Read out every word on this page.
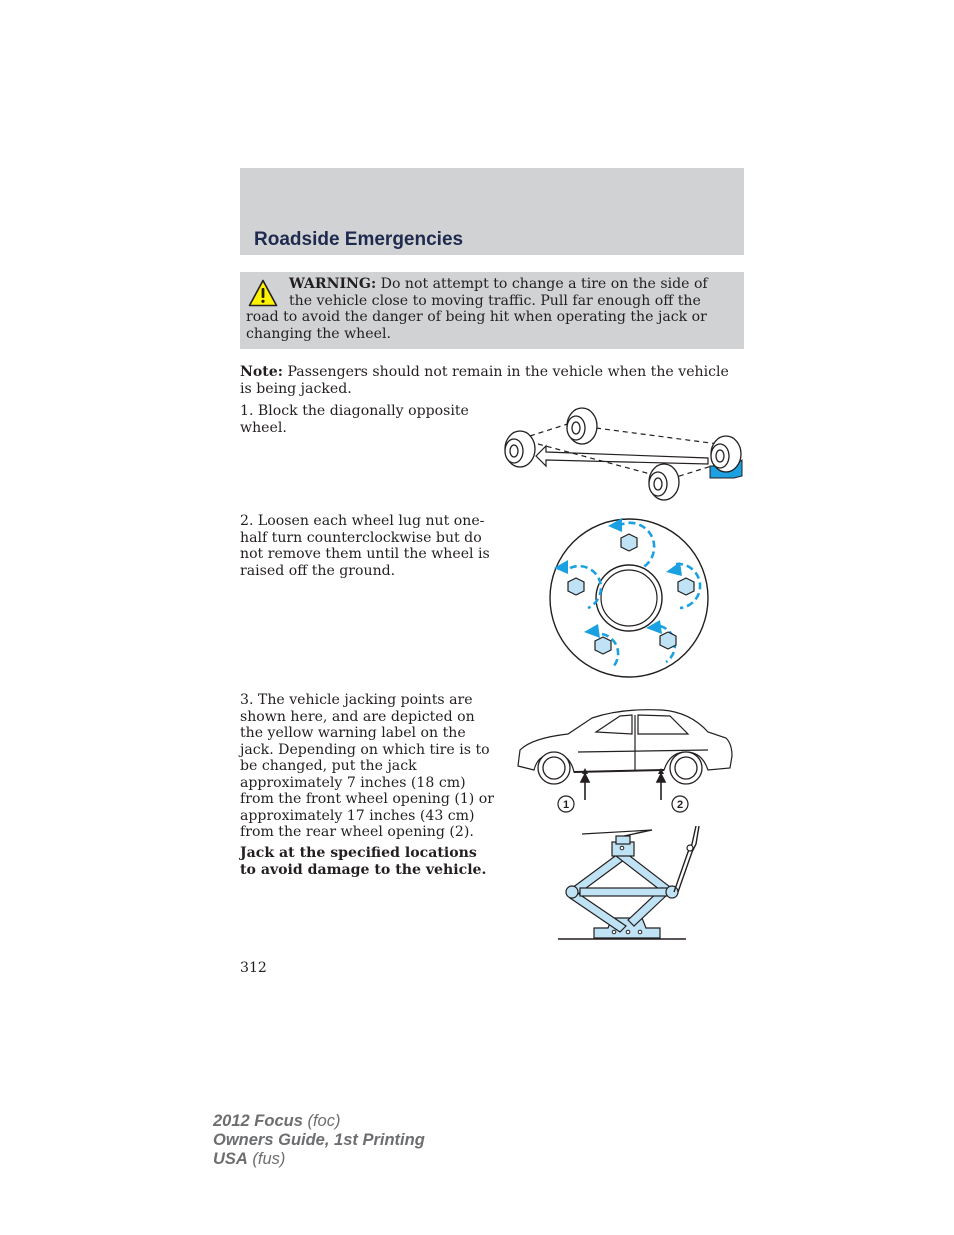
Roadside Emergencies

WARNING: Do not attempt to change a tire on the side of the vehicle close to moving traffic. Pull far enough off the road to avoid the danger of being hit when operating the jack or changing the wheel.

Note: Passengers should not remain in the vehicle when the vehicle is being jacked.

1. Block the diagonally opposite wheel.

2. Loosen each wheel lug nut one-half turn counterclockwise but do not remove them until the wheel is raised off the ground.

3. The vehicle jacking points are shown here, and are depicted on the yellow warning label on the jack. Depending on which tire is to be changed, put the jack approximately 7 inches (18 cm) from the front wheel opening (1) or approximately 17 inches (43 cm) from the rear wheel opening (2).

Jack at the specified locations to avoid damage to the vehicle.

1	2

312

2012 Focus (foc)
Owners Guide, 1st Printing
USA (fus)
